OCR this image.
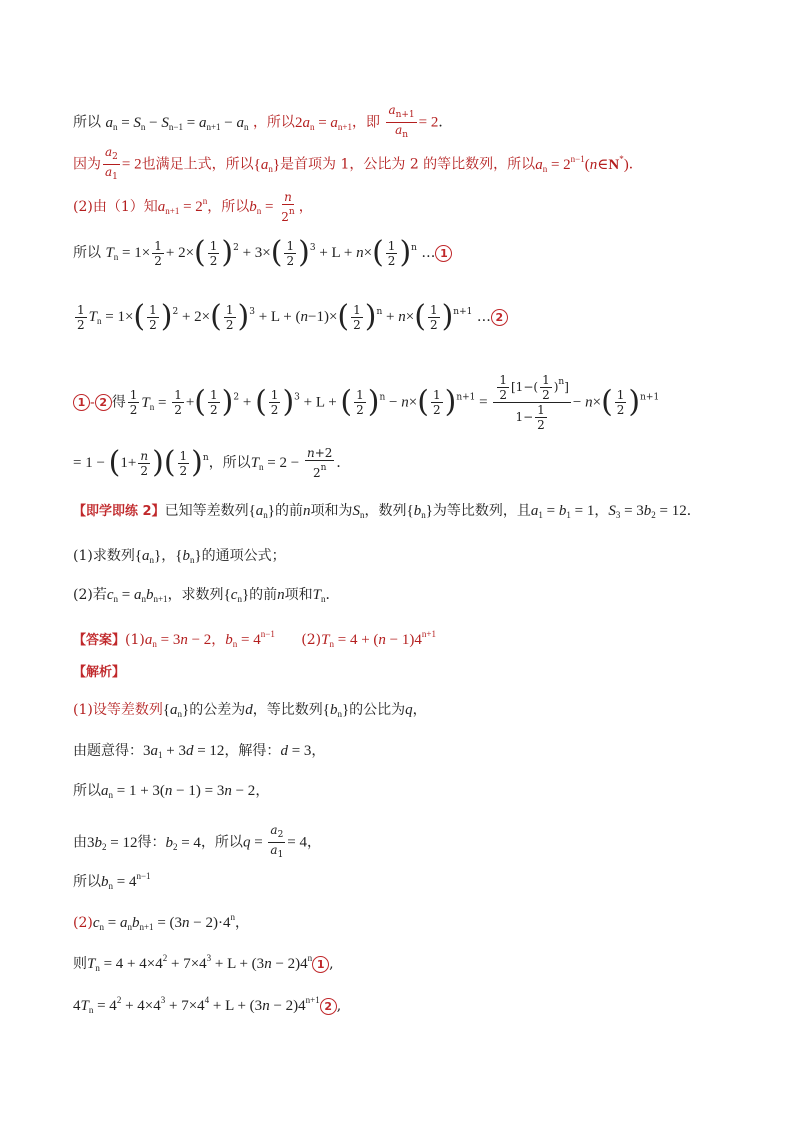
所以 $a_n = S_n - S_{n-1} = a_{n+1} - a_n$ ，所以$2a_n = a_{n+1}$，即 $\frac{a_{n+1}}{a_n} = 2$．
因为 $\frac{a_2}{a_1} = 2$也满足上式，所以$\{a_n\}$是首项为 1，公比为 2 的等比数列，所以$a_n$ = $2^{n-1}(n\in N^*)$．
(2)由（1）知$a_{n+1} = 2^n$，所以$b_n = \frac{n}{2^n}$ ，
所以 $T_n = 1\times \frac{1}{2} + 2\times( \frac{1}{2} )^2 + 3\times( \frac{1}{2} )^3 + L + n\times( \frac{1}{2} )^n$ … 1
$\frac{1}{2} T_n = 1\times( \frac{1}{2} )^2 + 2\times( \frac{1}{2} )^3 + L + (n-1)\times( \frac{1}{2} )^n + n\times( \frac{1}{2} )^{n+1}$ … 2
1 - 2 得 $\frac{1}{2} T_n = \frac{1}{2}$ +( $\frac{1}{2} )^2$ + ( $\frac{1}{2} )^3 + L$ + ( $\frac{1}{2} )^n - n\times( \frac{1}{2} )^{n+1} = \frac{\frac{1}{2} [1-( \frac{1}{2} )^n]}{1- \frac{1}{2}} - n\times( \frac{1}{2} )^{n+1}$
= $1 - (1+ \frac{n}{2}$ )( $\frac{1}{2} )^n$，所以$T_n = 2 - \frac{n+2}{2^n}$ ．
【即学即练 2】已知等差数列$\{a_n\}$的前n项和为$S_n$，数列$\{b_n\}$为等比数列，且$a_1 = b_1 = 1$，$S_3 = 3b_2 = 12$．
(1)求数列$\{a_n\}$，$\{b_n\}$的通项公式；
(2)若$c_n = a_nb_{n+1}$，求数列$\{c_n\}$的前n项和$T_n$．
【答案】$(1)a_n = 3n - 2$，$b_n = 4^{n-1}$ $(2)T_n = 4 + (n - 1)4^{n+1}$
【解析】
(1)设等差数列$\{a_n\}$的公差为d，等比数列$\{b_n\}$的公比为q，
由题意得：$3a_1 + 3d = 12$，解得：d = 3，
所以$a_n = 1 + 3(n - 1) = 3n - 2$，
由$3b_2 = 12$得：$b_2 = 4$，所以$q = \frac{a_2}{a_1} = 4$，
所以$b_n = 4^{n-1}$
$(2)c_n = a_nb_{n+1} = (3n - 2)\cdot 4^n$，
则$T_n = 4 + 4\times 4^2 + 7\times 4^3 + L + (3n - 2)4^n$ 1 ,
$4T_n = 4^2 + 4\times 4^3 + 7\times 4^4 + L + (3n - 2)4^{n+1}$ 2 ,
